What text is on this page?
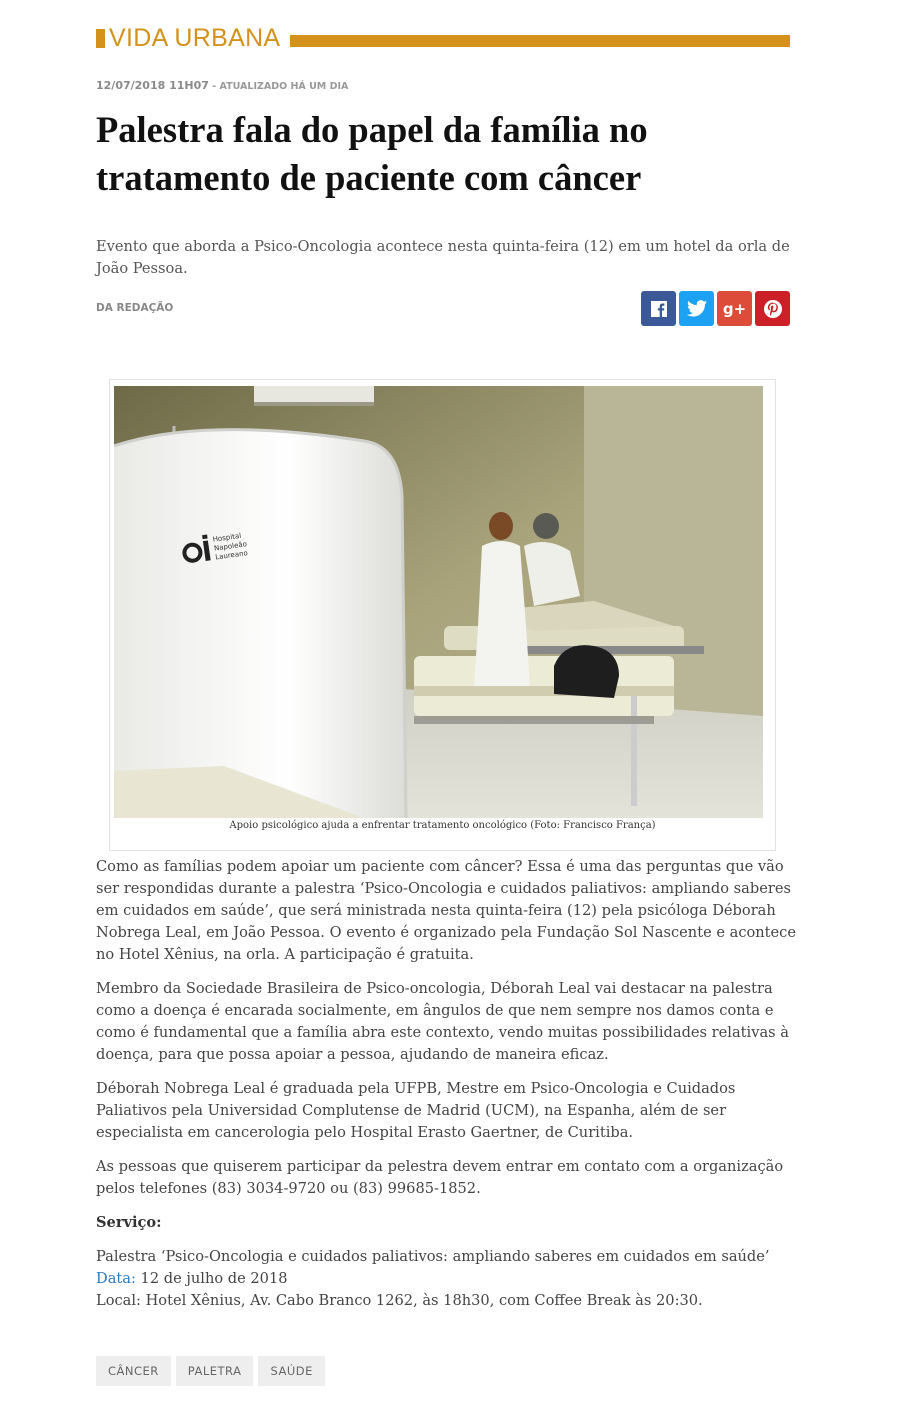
VIDA URBANA
12/07/2018 11H07 - ATUALIZADO HÁ UM DIA
Palestra fala do papel da família no tratamento de paciente com câncer

Evento que aborda a Psico-Oncologia acontece nesta quinta-feira (12) em um hotel da orla de João Pessoa.

DA REDAÇÃO	g+
Hospital
Napoleão
Laureano
Apoio psicológico ajuda a enfrentar tratamento oncológico (Foto: Francisco França)

Como as famílias podem apoiar um paciente com câncer? Essa é uma das perguntas que vão ser respondidas durante a palestra ‘Psico-Oncologia e cuidados paliativos: ampliando saberes em cuidados em saúde’, que será ministrada nesta quinta-feira (12) pela psicóloga Déborah Nobrega Leal, em João Pessoa. O evento é organizado pela Fundação Sol Nascente e acontece no Hotel Xênius, na orla. A participação é gratuita.

Membro da Sociedade Brasileira de Psico-oncologia, Déborah Leal vai destacar na palestra como a doença é encarada socialmente, em ângulos de que nem sempre nos damos conta e como é fundamental que a família abra este contexto, vendo muitas possibilidades relativas à doença, para que possa apoiar a pessoa, ajudando de maneira eficaz.

Déborah Nobrega Leal é graduada pela UFPB, Mestre em Psico-Oncologia e Cuidados Paliativos pela Universidad Complutense de Madrid (UCM), na Espanha, além de ser especialista em cancerologia pelo Hospital Erasto Gaertner, de Curitiba.

As pessoas que quiserem participar da pelestra devem entrar em contato com a organização pelos telefones (83) 3034-9720 ou (83) 99685-1852.

Serviço:

Palestra ‘Psico-Oncologia e cuidados paliativos: ampliando saberes em cuidados em saúde’
Data: 12 de julho de 2018
Local: Hotel Xênius, Av. Cabo Branco 1262, às 18h30, com Coffee Break às 20:30.

CÂNCER	PALETRA	SAÚDE
